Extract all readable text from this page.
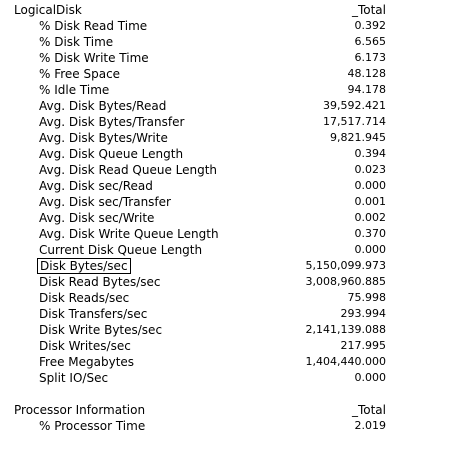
LogicalDisk	_Total
% Disk Read Time	0.392
% Disk Time	6.565
% Disk Write Time	6.173
% Free Space	48.128
% Idle Time	94.178
Avg. Disk Bytes/Read	39,592.421
Avg. Disk Bytes/Transfer	17,517.714
Avg. Disk Bytes/Write	9,821.945
Avg. Disk Queue Length	0.394
Avg. Disk Read Queue Length	0.023
Avg. Disk sec/Read	0.000
Avg. Disk sec/Transfer	0.001
Avg. Disk sec/Write	0.002
Avg. Disk Write Queue Length	0.370
Current Disk Queue Length	0.000
Disk Bytes/sec	5,150,099.973
Disk Read Bytes/sec	3,008,960.885
Disk Reads/sec	75.998
Disk Transfers/sec	293.994
Disk Write Bytes/sec	2,141,139.088
Disk Writes/sec	217.995
Free Megabytes	1,404,440.000
Split IO/Sec	0.000
Processor Information	_Total
% Processor Time	2.019
